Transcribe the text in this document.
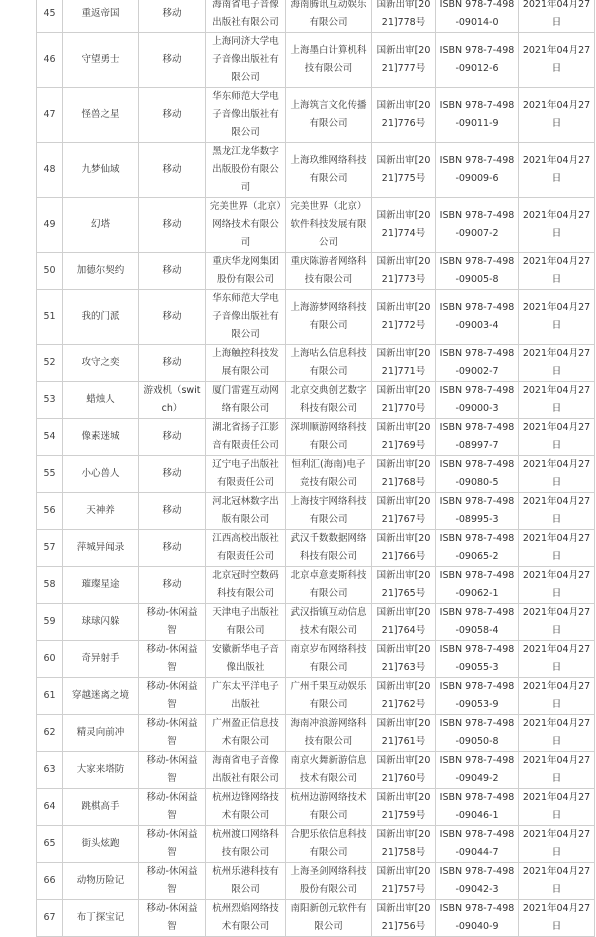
45	重返帝国	移动	海南省电子音像出版社有限公司	海南腾讯互动娱乐有限公司	国新出审[2021]778号	ISBN 978-7-498-09014-0	2021年04月27日
46	守望勇士	移动	上海同济大学电子音像出版社有限公司	上海墨白计算机科技有限公司	国新出审[2021]777号	ISBN 978-7-498-09012-6	2021年04月27日
47	怪兽之星	移动	华东师范大学电子音像出版社有限公司	上海筑言文化传播有限公司	国新出审[2021]776号	ISBN 978-7-498-09011-9	2021年04月27日
48	九梦仙域	移动	黑龙江龙华数字出版股份有限公司	上海玖维网络科技有限公司	国新出审[2021]775号	ISBN 978-7-498-09009-6	2021年04月27日
49	幻塔	移动	完美世界（北京）网络技术有限公司	完美世界（北京）软件科技发展有限公司	国新出审[2021]774号	ISBN 978-7-498-09007-2	2021年04月27日
50	加德尔契约	移动	重庆华龙网集团股份有限公司	重庆陈游者网络科技有限公司	国新出审[2021]773号	ISBN 978-7-498-09005-8	2021年04月27日
51	我的门派	移动	华东师范大学电子音像出版社有限公司	上海游梦网络科技有限公司	国新出审[2021]772号	ISBN 978-7-498-09003-4	2021年04月27日
52	攻守之奕	移动	上海触控科技发展有限公司	上海咕么信息科技有限公司	国新出审[2021]771号	ISBN 978-7-498-09002-7	2021年04月27日
53	蜡烛人	游戏机（switch）	厦门雷霆互动网络有限公司	北京交典创艺数字科技有限公司	国新出审[2021]770号	ISBN 978-7-498-09000-3	2021年04月27日
54	像素迷城	移动	湖北省扬子江影音有限责任公司	深圳顺游网络科技有限公司	国新出审[2021]769号	ISBN 978-7-498-08997-7	2021年04月27日
55	小心兽人	移动	辽宁电子出版社有限责任公司	恒利汇(海南)电子竞技有限公司	国新出审[2021]768号	ISBN 978-7-498-09080-5	2021年04月27日
56	天神养	移动	河北冠林数字出版有限公司	上海技宇网络科技有限公司	国新出审[2021]767号	ISBN 978-7-498-08995-3	2021年04月27日
57	萍城异闻录	移动	江西高校出版社有限责任公司	武汉千数数据网络科技有限公司	国新出审[2021]766号	ISBN 978-7-498-09065-2	2021年04月27日
58	璀璨星途	移动	北京冠时空数码科技有限公司	北京卓意麦斯科技有限公司	国新出审[2021]765号	ISBN 978-7-498-09062-1	2021年04月27日
59	球球闪躲	移动-休闲益智	天津电子出版社有限公司	武汉指镇互动信息技术有限公司	国新出审[2021]764号	ISBN 978-7-498-09058-4	2021年04月27日
60	奇异射手	移动-休闲益智	安徽新华电子音像出版社	南京岁布网络科技有限公司	国新出审[2021]763号	ISBN 978-7-498-09055-3	2021年04月27日
61	穿越迷离之境	移动-休闲益智	广东太平洋电子出版社	广州千果互动娱乐有限公司	国新出审[2021]762号	ISBN 978-7-498-09053-9	2021年04月27日
62	精灵向前冲	移动-休闲益智	广州盈正信息技术有限公司	海南冲浪游网络科技有限公司	国新出审[2021]761号	ISBN 978-7-498-09050-8	2021年04月27日
63	大家来塔防	移动-休闲益智	海南省电子音像出版社有限公司	南京火舞新游信息技术有限公司	国新出审[2021]760号	ISBN 978-7-498-09049-2	2021年04月27日
64	跳棋高手	移动-休闲益智	杭州边锋网络技术有限公司	杭州边游网络技术有限公司	国新出审[2021]759号	ISBN 978-7-498-09046-1	2021年04月27日
65	街头炫跑	移动-休闲益智	杭州渡口网络科技有限公司	合肥乐依信息科技有限公司	国新出审[2021]758号	ISBN 978-7-498-09044-7	2021年04月27日
66	动物历险记	移动-休闲益智	杭州乐港科技有限公司	上海圣剑网络科技股份有限公司	国新出审[2021]757号	ISBN 978-7-498-09042-3	2021年04月27日
67	布丁探宝记	移动-休闲益智	杭州烈焰网络技术有限公司	南阳新创元软件有限公司	国新出审[2021]756号	ISBN 978-7-498-09040-9	2021年04月27日
